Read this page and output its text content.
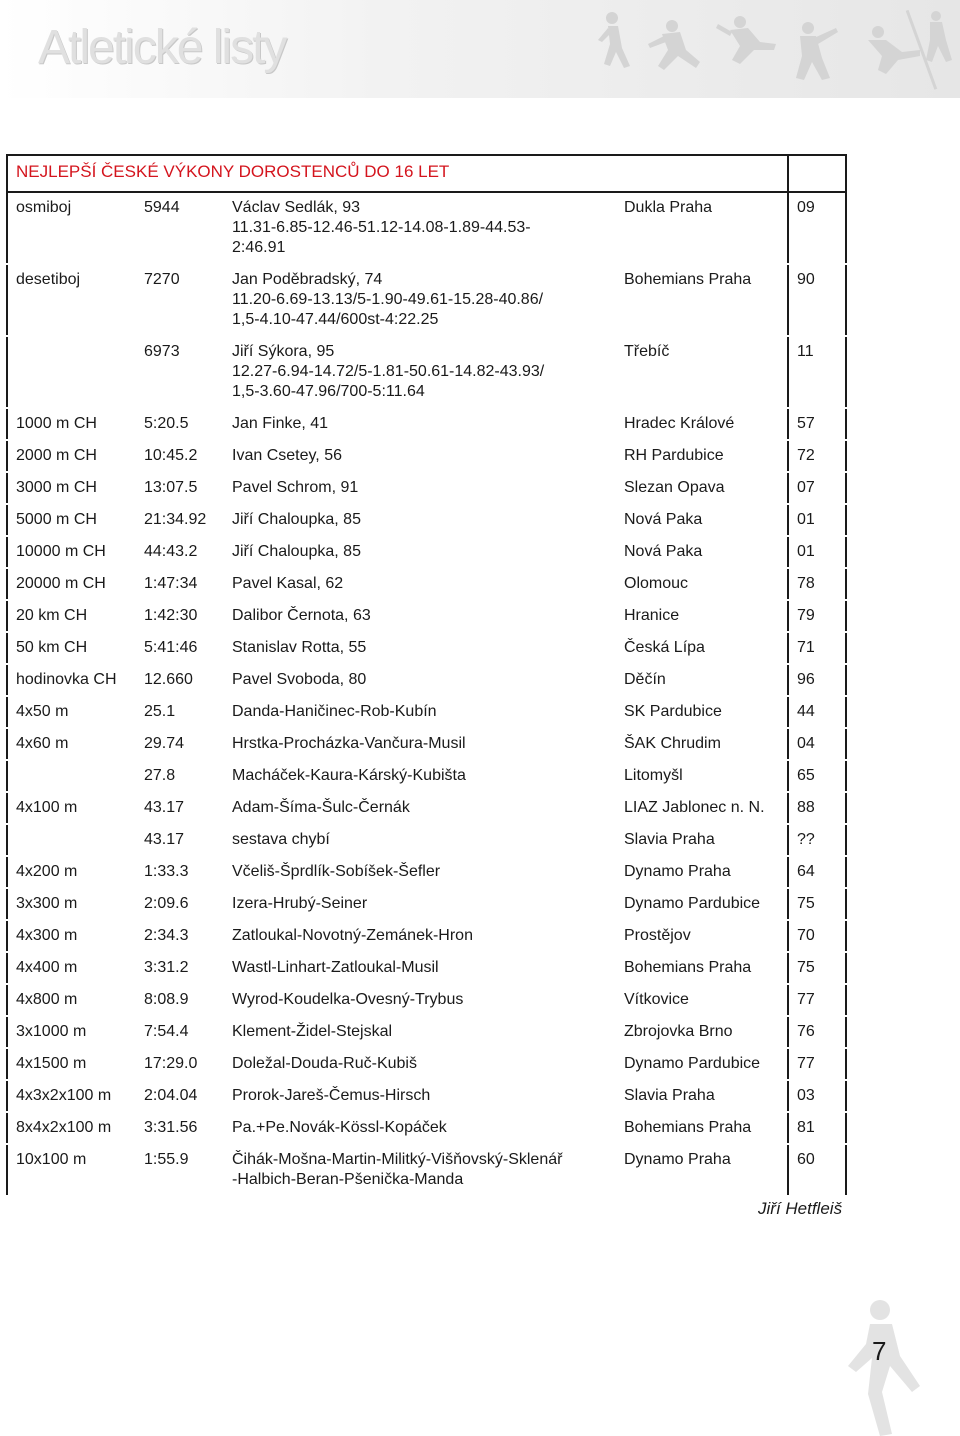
Atletické listy
NEJLEPŠÍ ČESKÉ VÝKONY DOROSTENCŮ DO 16 LET				
osmiboj	5944	Václav Sedlák, 93
11.31-6.85-12.46-51.12-14.08-1.89-44.53-
2:46.91	Dukla Praha	09
desetiboj	7270	Jan Poděbradský, 74
11.20-6.69-13.13/5-1.90-49.61-15.28-40.86/
1,5-4.10-47.44/600st-4:22.25	Bohemians Praha	90
	6973	Jiří Sýkora, 95
12.27-6.94-14.72/5-1.81-50.61-14.82-43.93/
1,5-3.60-47.96/700-5:11.64	Třebíč	11
1000 m CH	5:20.5	Jan Finke, 41	Hradec Králové	57
2000 m CH	10:45.2	Ivan Csetey, 56	RH Pardubice	72
3000 m CH	13:07.5	Pavel Schrom, 91	Slezan Opava	07
5000 m CH	21:34.92	Jiří Chaloupka, 85	Nová Paka	01
10000 m CH	44:43.2	Jiří Chaloupka, 85	Nová Paka	01
20000 m CH	1:47:34	Pavel Kasal, 62	Olomouc	78
20 km CH	1:42:30	Dalibor Černota, 63	Hranice	79
50 km CH	5:41:46	Stanislav Rotta, 55	Česká Lípa	71
hodinovka CH	12.660	Pavel Svoboda, 80	Děčín	96
4x50 m	25.1	Danda-Haničinec-Rob-Kubín	SK Pardubice	44
4x60 m	29.74	Hrstka-Procházka-Vančura-Musil	ŠAK Chrudim	04
	27.8	Macháček-Kaura-Kárský-Kubišta	Litomyšl	65
4x100 m	43.17	Adam-Šíma-Šulc-Černák	LIAZ Jablonec n. N.	88
	43.17	sestava chybí	Slavia Praha	??
4x200 m	1:33.3	Včeliš-Šprdlík-Sobíšek-Šefler	Dynamo Praha	64
3x300 m	2:09.6	Izera-Hrubý-Seiner	Dynamo Pardubice	75
4x300 m	2:34.3	Zatloukal-Novotný-Zemánek-Hron	Prostějov	70
4x400 m	3:31.2	Wastl-Linhart-Zatloukal-Musil	Bohemians Praha	75
4x800 m	8:08.9	Wyrod-Koudelka-Ovesný-Trybus	Vítkovice	77
3x1000 m	7:54.4	Klement-Židel-Stejskal	Zbrojovka Brno	76
4x1500 m	17:29.0	Doležal-Douda-Ruč-Kubiš	Dynamo Pardubice	77
4x3x2x100 m	2:04.04	Prorok-Jareš-Čemus-Hirsch	Slavia Praha	03
8x4x2x100 m	3:31.56	Pa.+Pe.Novák-Kössl-Kopáček	Bohemians Praha	81
10x100 m	1:55.9	Čihák-Mošna-Martin-Militký-Višňovský-Sklenář
-Halbich-Beran-Pšenička-Manda	Dynamo Praha	60
Jiří Hetfleiš
7
